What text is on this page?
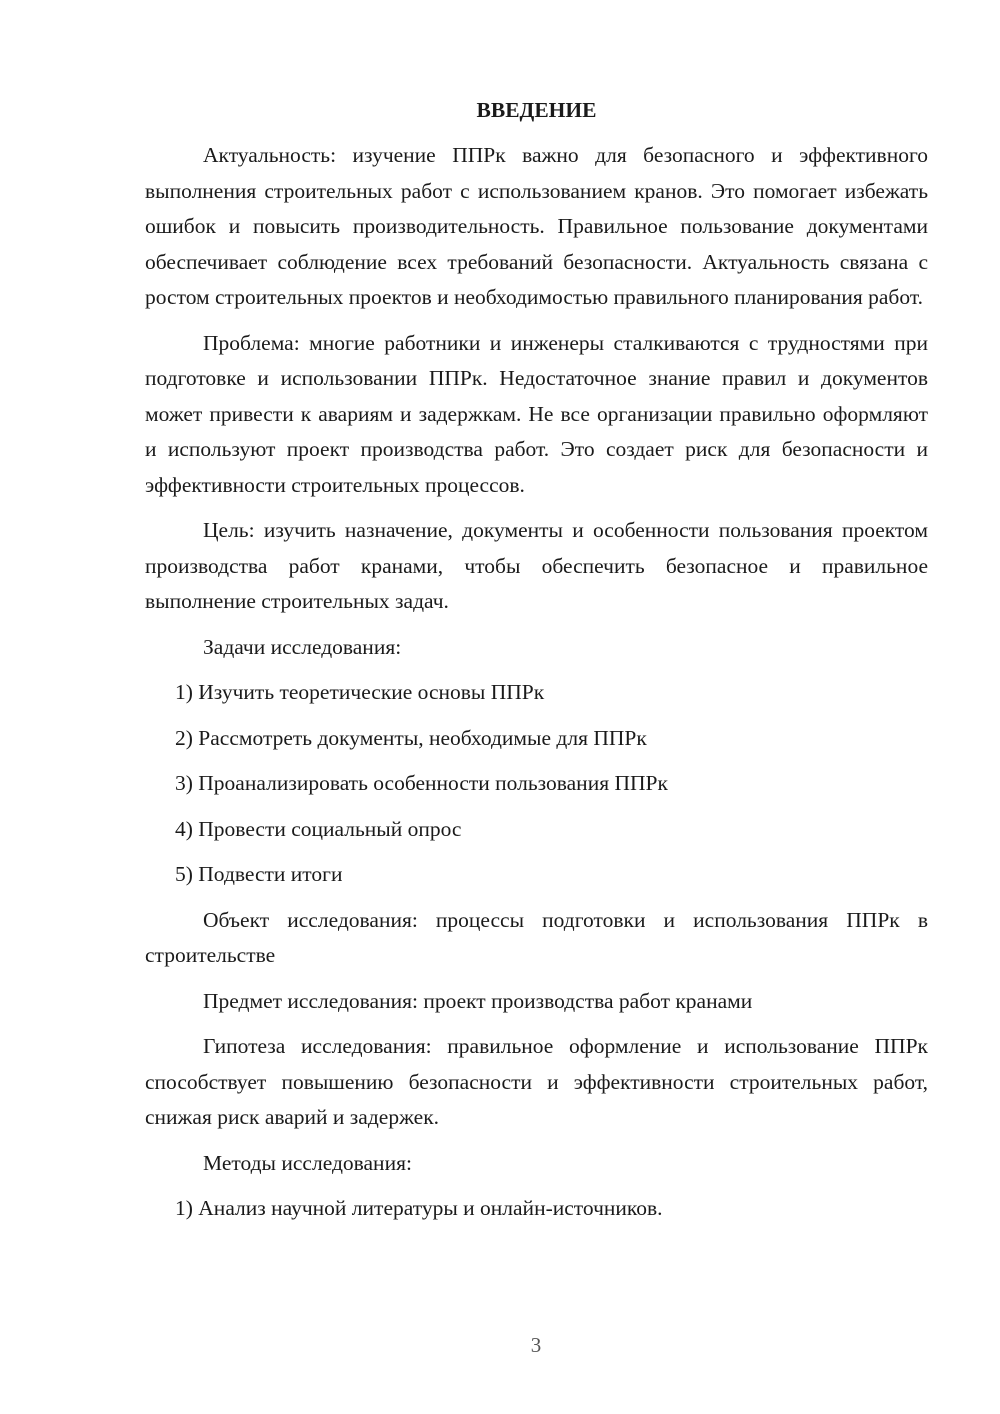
ВВЕДЕНИЕ

Актуальность: изучение ППРк важно для безопасного и эффективного выполнения строительных работ с использованием кранов. Это помогает избежать ошибок и повысить производительность. Правильное пользование документами обеспечивает соблюдение всех требований безопасности. Актуальность связана с ростом строительных проектов и необходимостью правильного планирования работ.

Проблема: многие работники и инженеры сталкиваются с трудностями при подготовке и использовании ППРк. Недостаточное знание правил и документов может привести к авариям и задержкам. Не все организации правильно оформляют и используют проект производства работ. Это создает риск для безопасности и эффективности строительных процессов.

Цель: изучить назначение, документы и особенности пользования проектом производства работ кранами, чтобы обеспечить безопасное и правильное выполнение строительных задач.

Задачи исследования:

1) Изучить теоретические основы ППРк
2) Рассмотреть документы, необходимые для ППРк
3) Проанализировать особенности пользования ППРк
4) Провести социальный опрос
5) Подвести итоги

Объект исследования: процессы подготовки и использования ППРк в строительстве

Предмет исследования: проект производства работ кранами

Гипотеза исследования: правильное оформление и использование ППРк способствует повышению безопасности и эффективности строительных работ, снижая риск аварий и задержек.

Методы исследования:

1) Анализ научной литературы и онлайн-источников.
3
